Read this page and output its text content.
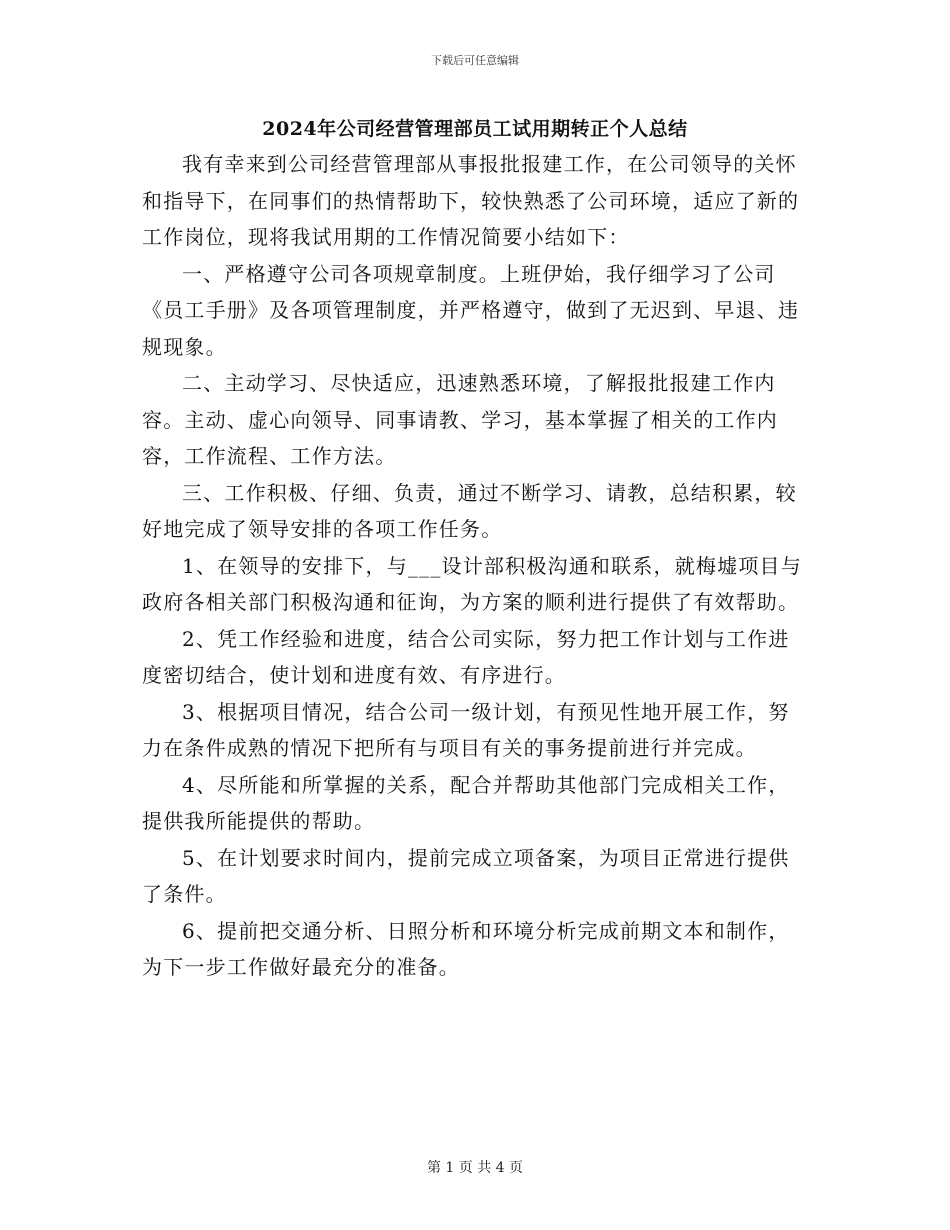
下载后可任意编辑
2024年公司经营管理部员工试用期转正个人总结

我有幸来到公司经营管理部从事报批报建工作，在公司领导的关怀和指导下，在同事们的热情帮助下，较快熟悉了公司环境，适应了新的工作岗位，现将我试用期的工作情况简要小结如下：

一、严格遵守公司各项规章制度。上班伊始，我仔细学习了公司《员工手册》及各项管理制度，并严格遵守，做到了无迟到、早退、违规现象。

二、主动学习、尽快适应，迅速熟悉环境，了解报批报建工作内容。主动、虚心向领导、同事请教、学习，基本掌握了相关的工作内容，工作流程、工作方法。

三、工作积极、仔细、负责，通过不断学习、请教，总结积累，较好地完成了领导安排的各项工作任务。

1、在领导的安排下，与___设计部积极沟通和联系，就梅墟项目与政府各相关部门积极沟通和征询，为方案的顺利进行提供了有效帮助。

2、凭工作经验和进度，结合公司实际，努力把工作计划与工作进度密切结合，使计划和进度有效、有序进行。

3、根据项目情况，结合公司一级计划，有预见性地开展工作，努力在条件成熟的情况下把所有与项目有关的事务提前进行并完成。

4、尽所能和所掌握的关系，配合并帮助其他部门完成相关工作，提供我所能提供的帮助。

5、在计划要求时间内，提前完成立项备案，为项目正常进行提供了条件。

6、提前把交通分析、日照分析和环境分析完成前期文本和制作，为下一步工作做好最充分的准备。

第 1 页 共 4 页
